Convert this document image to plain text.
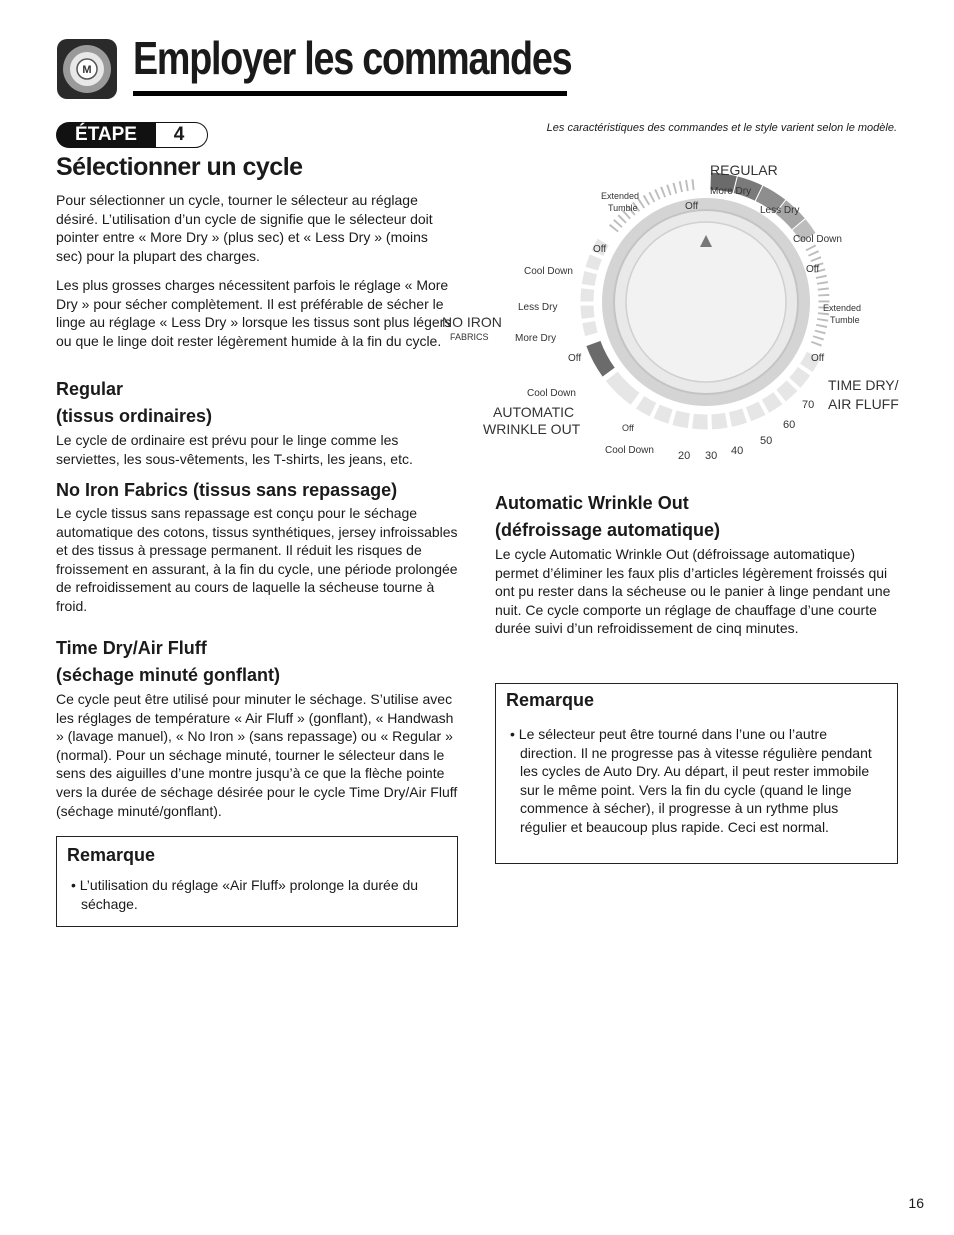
M Employer les commandes
ÉTAPE	4	Les caractéristiques des commandes et le style varient selon le modèle.
Sélectionner un cycle

Pour sélectionner un cycle, tourner le sélecteur au réglage désiré. L’utilisation d’un cycle de signifie que le sélecteur doit pointer entre « More Dry » (plus sec) et « Less Dry » (moins sec) pour la plupart des charges.

Les plus grosses charges nécessitent parfois le réglage « More Dry » pour sécher complètement. Il est préférable de sécher le linge au réglage « Less Dry » lorsque les tissus sont plus légers ou que le linge doit rester légèrement humide à la fin du cycle.

Regular
(tissus ordinaires)

Le cycle de ordinaire est prévu pour le linge comme les serviettes, les sous-vêtements, les T-shirts, les jeans, etc.

No Iron Fabrics (tissus sans repassage)

Le cycle tissus sans repassage est conçu pour le séchage automatique des cotons, tissus synthétiques, jersey infroissables et des tissus à pressage permanent. Il réduit les risques de froissement en assurant, à la fin du cycle, une période prolongée de refroidissement au cours de laquelle la sécheuse tourne à froid.

Time Dry/Air Fluff
(séchage minuté gonflant)

Ce cycle peut être utilisé pour minuter le séchage. S’utilise avec les réglages de température « Air Fluff » (gonflant), « Handwash » (lavage manuel), « No Iron » (sans repassage) ou « Regular » (normal). Pour un séchage minuté, tourner le sélecteur dans le sens des aiguilles d’une montre jusqu’à ce que la flèche pointe vers la durée de séchage désirée pour le cycle Time Dry/Air Fluff (séchage minuté/gonflant).

Remarque
• L’utilisation du réglage «Air Fluff» prolonge la durée du séchage.
Automatic Wrinkle Out
(défroissage automatique)

Le cycle Automatic Wrinkle Out (défroissage automatique) permet d’éliminer les faux plis d’articles légèrement froissés qui ont pu rester dans la sécheuse ou le panier à linge pendant une nuit. Ce cycle comporte un réglage de chauffage d’une courte durée suivi d’un refroidissement de cinq minutes.

Remarque
• Le sélecteur peut être tourné dans l’une ou l’autre direction. Il ne progresse pas à vitesse régulière pendant les cycles de Auto Dry. Au départ, il peut rester immobile sur le même point. Vers la fin du cycle (quand le linge commence à sécher), il progresse à un rythme plus régulier et beaucoup plus rapide. Ceci est normal.
REGULAR
More Dry
Less Dry
Cool Down
Off
Extended
Tumble
Off
TIME DRY/
AIR FLUFF
70
60
50
40
30
20
Cool Down
Off
AUTOMATIC
WRINKLE OUT
Cool Down
Off
More Dry
Less Dry
NO IRON
FABRICS
Cool Down
Off
Extended
Tumble	Off
16
